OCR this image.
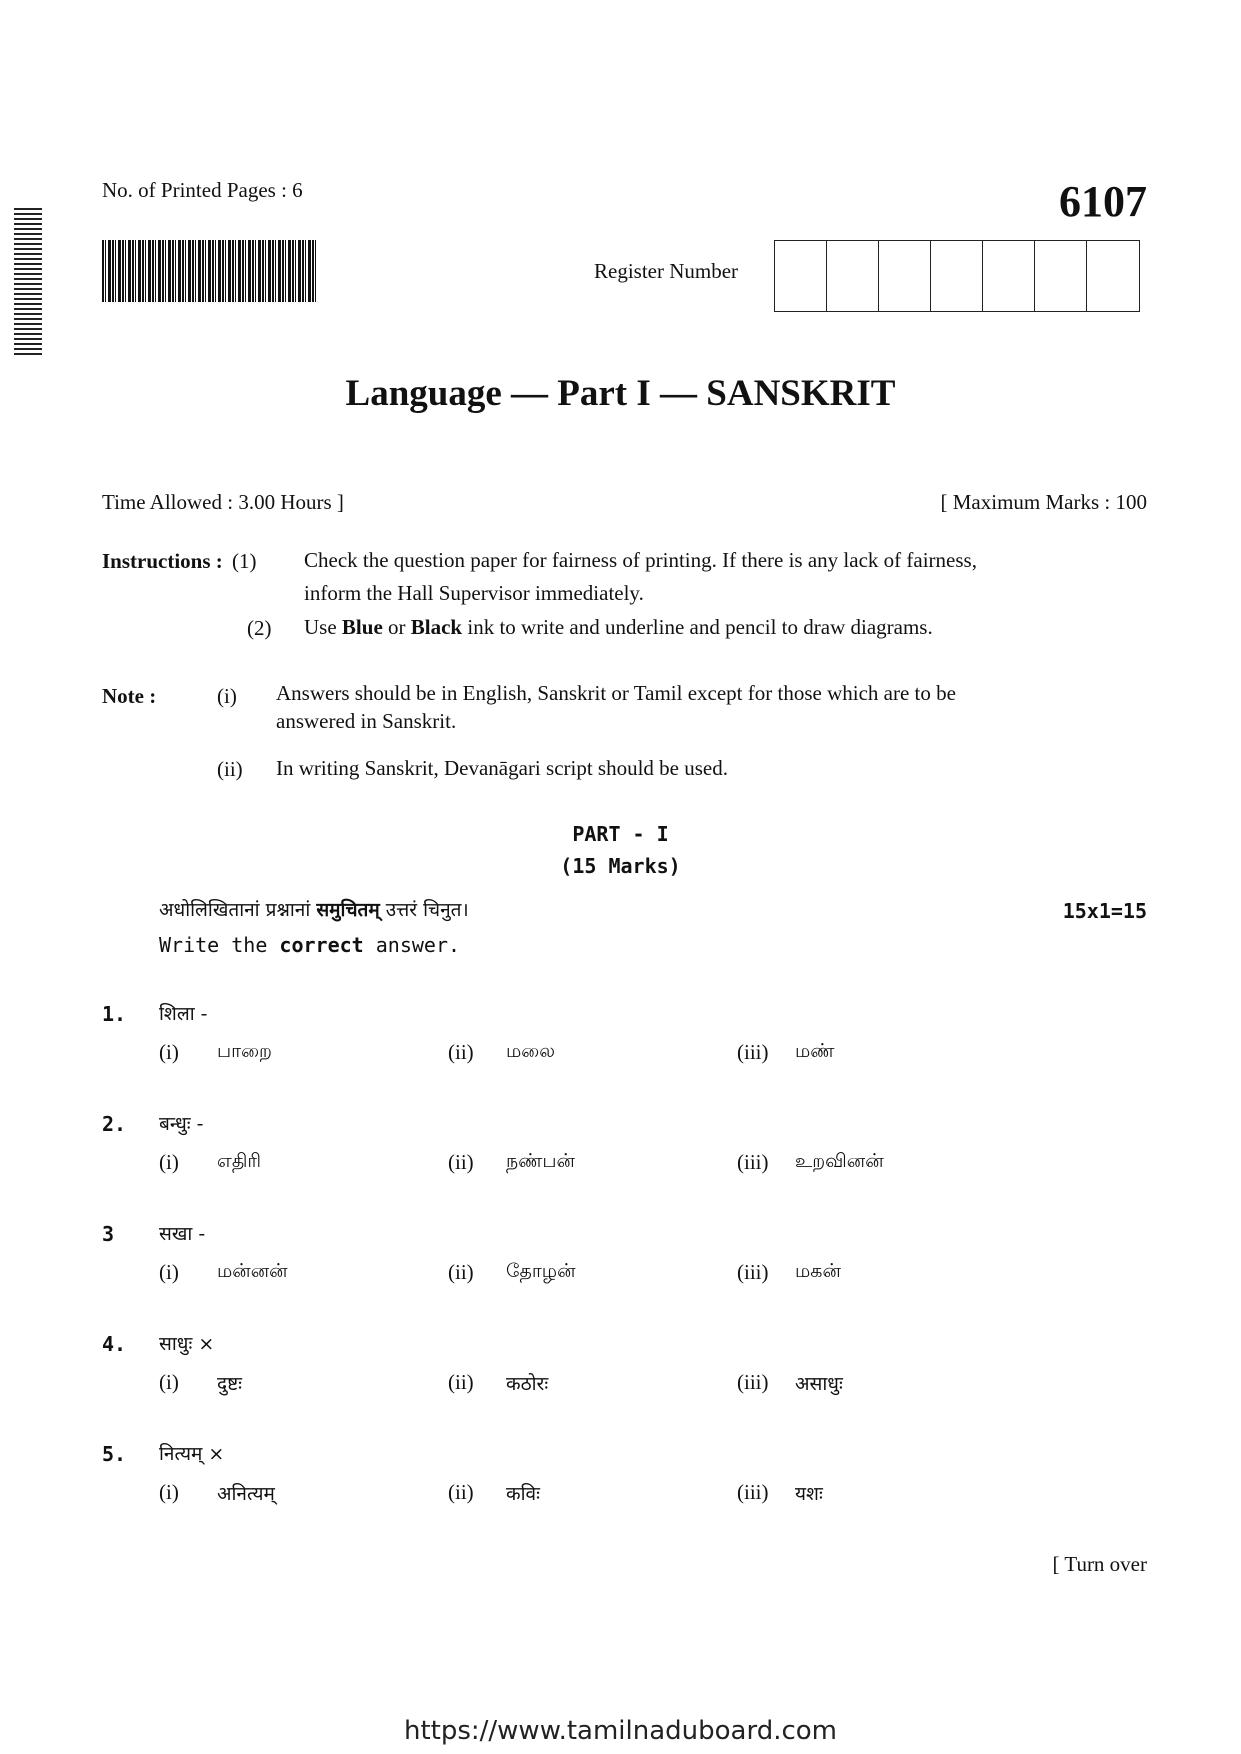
No. of Printed Pages : 6	6107
Register Number
Language — Part I — SANSKRIT
Time Allowed : 3.00 Hours ]	[ Maximum Marks : 100
Instructions : (1) Check the question paper for fairness of printing. If there is any lack of fairness,
inform the Hall Supervisor immediately.
(2) Use Blue or Black ink to write and underline and pencil to draw diagrams.
Note :	(i) Answers should be in English, Sanskrit or Tamil except for those which are to be
answered in Sanskrit.
(ii) In writing Sanskrit, Devanāgari script should be used.
PART - I
(15 Marks)
अधोलिखितानां प्रश्नानां समुचितम् उत्तरं चिनुत।	15x1=15
Write the correct answer.
1. शिला -
(i) பாறை	(ii) மலை	(iii) மண்
2. बन्धुः -
(i) எதிரி	(ii) நண்பன்	(iii) உறவினன்
3 सखा -
(i) மன்னன்	(ii) தோழன்	(iii) மகன்
4. साधुः ×
(i) दुष्टः	(ii) कठोरः	(iii) असाधुः
5. नित्यम् ×
(i) अनित्यम्	(ii) कविः	(iii) यशः
[ Turn over
https://www.tamilnaduboard.com
